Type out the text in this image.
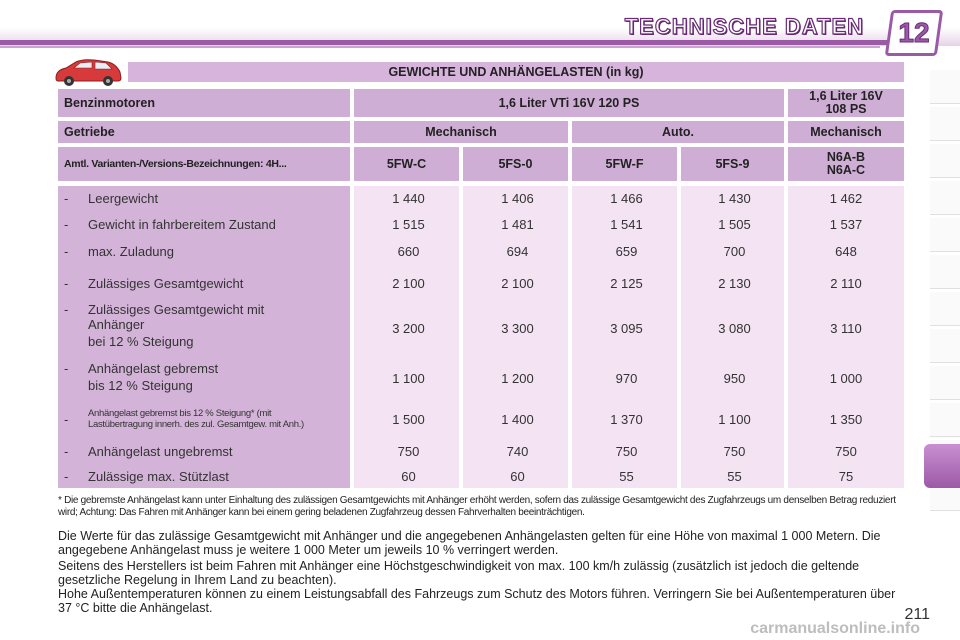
TECHNISCHE DATEN 12
GEWICHTE UND ANHÄNGELASTEN (in kg)
Benzinmotoren	1,6 Liter VTi 16V 120 PS	1,6 Liter 16V
108 PS
Getriebe	Mechanisch	Auto.	Mechanisch
Amtl. Varianten-/Versions-Bezeichnungen: 4H...	5FW-C	5FS-0	5FW-F	5FS-9	N6A-B
N6A-C
-	Leergewicht	1 440	1 406	1 466	1 430	1 462
-	Gewicht in fahrbereitem Zustand	1 515	1 481	1 541	1 505	1 537
-	max. Zuladung	660	694	659	700	648
-	Zulässiges Gesamtgewicht	2 100	2 100	2 125	2 130	2 110
-	Zulässiges Gesamtgewicht mit Anhänger
bei 12 % Steigung
3 200	3 300	3 095	3 080	3 110
-	Anhängelast gebremst
bis 12 % Steigung	1 100	1 200	970	950	1 000
-	Anhängelast gebremst bis 12 % Steigung* (mit Lastübertragung innerh. des zul. Gesamtgew. mit Anh.)	1 500	1 400	1 370	1 100	1 350
-	Anhängelast ungebremst	750	740	750	750	750
-	Zulässige max. Stützlast	60	60	55	55	75
* Die gebremste Anhängelast kann unter Einhaltung des zulässigen Gesamtgewichts mit Anhänger erhöht werden, sofern das zulässige Gesamtgewicht des Zugfahrzeugs um denselben Betrag reduziert wird; Achtung: Das Fahren mit Anhänger kann bei einem gering beladenen Zugfahrzeug dessen Fahrverhalten beeinträchtigen.
Die Werte für das zulässige Gesamtgewicht mit Anhänger und die angegebenen Anhängelasten gelten für eine Höhe von maximal 1 000 Metern. Die angegebene Anhängelast muss je weitere 1 000 Meter um jeweils 10 % verringert werden.
Seitens des Herstellers ist beim Fahren mit Anhänger eine Höchstgeschwindigkeit von max. 100 km/h zulässig (zusätzlich ist jedoch die geltende gesetzliche Regelung in Ihrem Land zu beachten).
Hohe Außentemperaturen können zu einem Leistungsabfall des Fahrzeugs zum Schutz des Motors führen. Verringern Sie bei Außentemperaturen über 37 °C bitte die Anhängelast.	211
carmanualsonline.info
